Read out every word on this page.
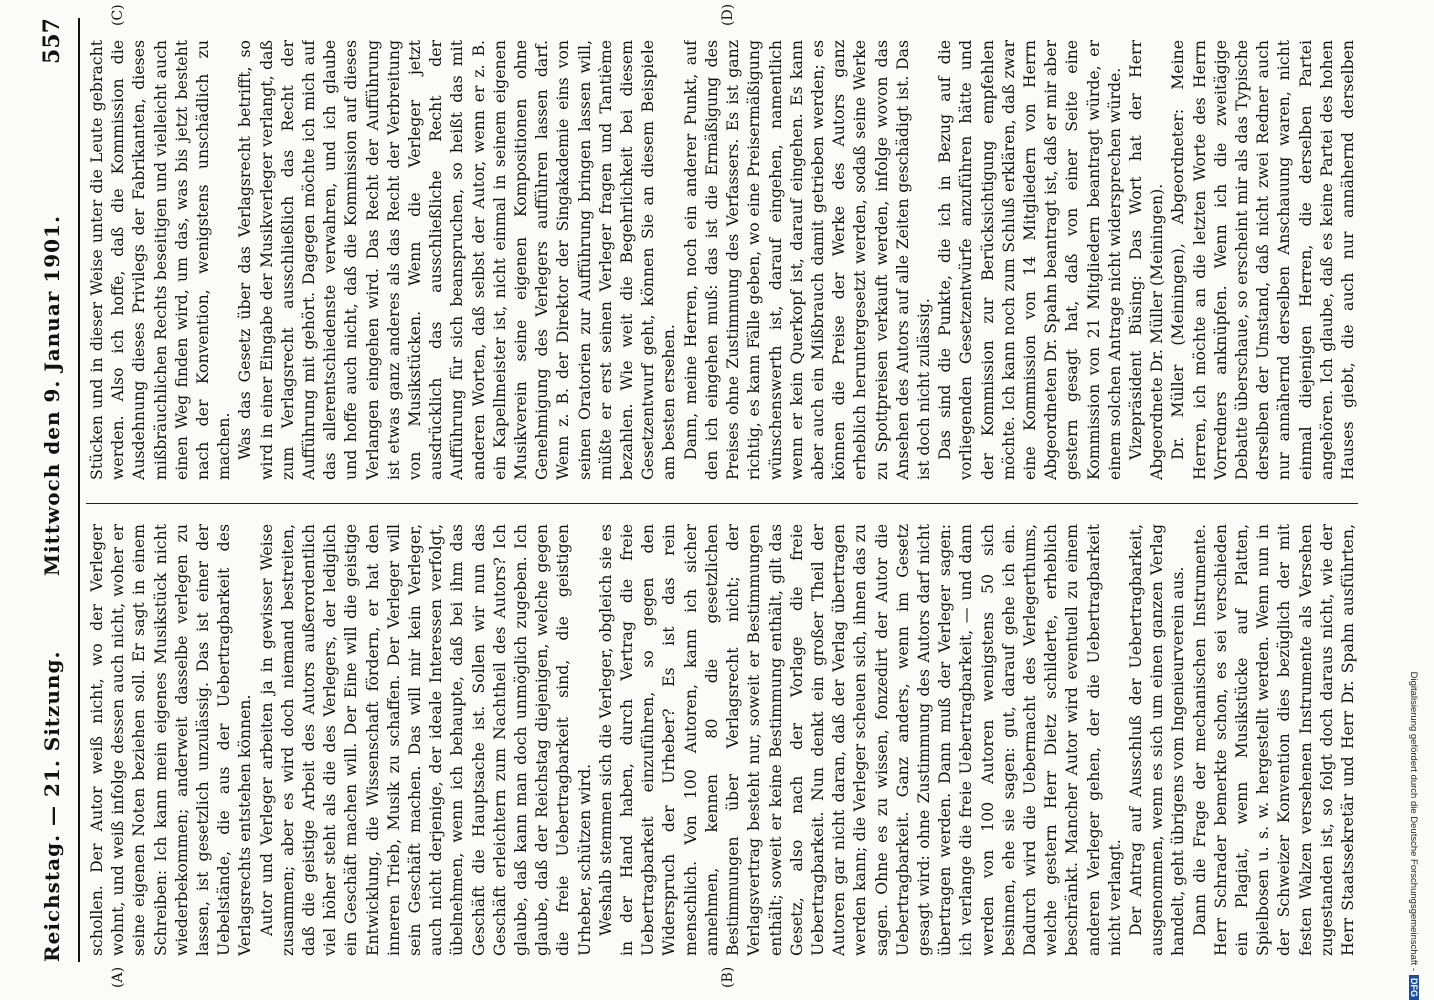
Reichstag. — 21. Sitzung.
Mittwoch den 9. Januar 1901.
557
(A)	(B)
(C)	(D)

schollen. Der Autor weiß nicht, wo der Verleger wohnt, und weiß infolge dessen auch nicht, woher er seine eigenen Noten beziehen soll. Er sagt in einem Schreiben: Ich kann mein eigenes Musikstück nicht wiederbekommen; anderweit dasselbe verlegen zu lassen, ist gesetzlich unzulässig. Das ist einer der Uebelstände, die aus der Uebertragbarkeit des Verlagsrechts entstehen können. Autor und Verleger arbeiten ja in gewisser Weise zusammen; aber es wird doch niemand bestreiten, daß die geistige Arbeit des Autors außerordentlich viel höher steht als die des Verlegers, der lediglich ein Geschäft machen will. Der Eine will die geistige Entwicklung, die Wissenschaft fördern, er hat den inneren Trieb, Musik zu schaffen. Der Verleger will sein Geschäft machen. Das will mir kein Verleger, auch nicht derjenige, der ideale Interessen verfolgt, übelnehmen, wenn ich behaupte, daß bei ihm das Geschäft die Hauptsache ist. Sollen wir nun das Geschäft erleichtern zum Nachtheil des Autors? Ich glaube, daß kann man doch unmöglich zugeben. Ich glaube, daß der Reichstag diejenigen, welche gegen die freie Uebertragbarkeit sind, die geistigen Urheber, schützen wird. Weshalb stemmen sich die Verleger, obgleich sie es in der Hand haben, durch Vertrag die freie Uebertragbarkeit einzuführen, so gegen den Widerspruch der Urheber? Es ist das rein menschlich. Von 100 Autoren, kann ich sicher annehmen, kennen 80 die gesetzlichen Bestimmungen über Verlagsrecht nicht; der Verlagsvertrag besteht nur, soweit er Bestimmungen enthält; soweit er keine Bestimmung enthält, gilt das Gesetz, also nach der Vorlage die freie Uebertragbarkeit. Nun denkt ein großer Theil der Autoren gar nicht daran, daß der Verlag übertragen werden kann; die Verleger scheuen sich, ihnen das zu sagen. Ohne es zu wissen, fonzedirt der Autor die Uebertragbarkeit. Ganz anders, wenn im Gesetz gesagt wird: ohne Zustimmung des Autors darf nicht übertragen werden. Dann muß der Verleger sagen: ich verlange die freie Uebertragbarkeit, — und dann werden von 100 Autoren wenigstens 50 sich besinnen, ehe sie sagen: gut, darauf gehe ich ein. Dadurch wird die Uebermacht des Verlegerthums, welche gestern Herr Dietz schilderte, erheblich beschränkt. Mancher Autor wird eventuell zu einem anderen Verleger gehen, der die Uebertragbarkeit nicht verlangt. Der Antrag auf Ausschluß der Uebertragbarkeit, ausgenommen, wenn es sich um einen ganzen Verlag handelt, geht übrigens vom Ingenieurverein aus. Dann die Frage der mechanischen Instrumente. Herr Schrader bemerkte schon, es sei verschieden ein Plagiat, wenn Musikstücke auf Platten, Spielbosen u. s. w. hergestellt werden. Wenn nun in der Schweizer Konvention dies bezüglich der mit festen Walzen versehenen Instrumente als Versehen zugestanden ist, so folgt doch daraus nicht, wie der Herr Staatssekretär und Herr Dr. Spahn ausführten,

Stücken und in dieser Weise unter die Leute gebracht werden. Also ich hoffe, daß die Kommission die Ausdehnung dieses Privilegs der Fabrikanten, dieses mißbräuchlichen Rechts beseitigen und vielleicht auch einen Weg finden wird, um das, was bis jetzt besteht nach der Konvention, wenigstens unschädlich zu machen. Was das Gesetz über das Verlagsrecht betrifft, so wird in einer Eingabe der Musikverleger verlangt, daß zum Verlagsrecht ausschließlich das Recht der Aufführung mit gehört. Dagegen möchte ich mich auf das allerentschiedenste verwahren, und ich glaube und hoffe auch nicht, daß die Kommission auf dieses Verlangen eingehen wird. Das Recht der Aufführung ist etwas ganz anderes als das Recht der Verbreitung von Musikstücken. Wenn die Verleger jetzt ausdrücklich das ausschließliche Recht der Aufführung für sich beanspruchen, so heißt das mit anderen Worten, daß selbst der Autor, wenn er z. B. ein Kapellmeister ist, nicht einmal in seinem eigenen Musikverein seine eigenen Kompositionen ohne Genehmigung des Verlegers aufführen lassen darf. Wenn z. B. der Direktor der Singakademie eins von seinen Oratorien zur Aufführung bringen lassen will, müßte er erst seinen Verleger fragen und Tantième bezahlen. Wie weit die Begehrlichkeit bei diesem Gesetzentwurf geht, können Sie an diesem Beispiele am besten ersehen. Dann, meine Herren, noch ein anderer Punkt, auf den ich eingehen muß: das ist die Ermäßigung des Preises ohne Zustimmung des Verfassers. Es ist ganz richtig, es kann Fälle geben, wo eine Preisermäßigung wünschenswerth ist, darauf eingehen, namentlich wenn er kein Querkopf ist, darauf eingehen. Es kann aber auch ein Mißbrauch damit getrieben werden; es können die Preise der Werke des Autors ganz erheblich heruntergesetzt werden, sodaß seine Werke zu Spottpreisen verkauft werden, infolge wovon das Ansehen des Autors auf alle Zeiten geschädigt ist. Das ist doch nicht zulässig. Das sind die Punkte, die ich in Bezug auf die vorliegenden Gesetzentwürfe anzuführen hätte und der Kommission zur Berücksichtigung empfehlen möchte. Ich kann noch zum Schluß erklären, daß zwar eine Kommission von 14 Mitgliedern von Herrn Abgeordneten Dr. Spahn beantragt ist, daß er mir aber gestern gesagt hat, daß von einer Seite eine Kommission von 21 Mitgliedern beantragt würde, er einem solchen Antrage nicht widersprechen würde. Vizepräsident Büsing: Das Wort hat der Herr Abgeordnete Dr. Müller (Meiningen). Dr. Müller (Meiningen), Abgeordneter: Meine Herren, ich möchte an die letzten Worte des Herrn Vorredners anknüpfen. Wenn ich die zweitägige Debatte überschaue, so erscheint mir als das Typische derselben der Umstand, daß nicht zwei Redner auch nur annähernd derselben Anschauung waren, nicht einmal diejenigen Herren, die derselben Partei angehören. Ich glaube, daß es keine Partei des hohen Hauses giebt, die auch nur annähernd derselben

Digitalisierung gefördert durch die Deutsche Forschungsgemeinschaft -
DFG
